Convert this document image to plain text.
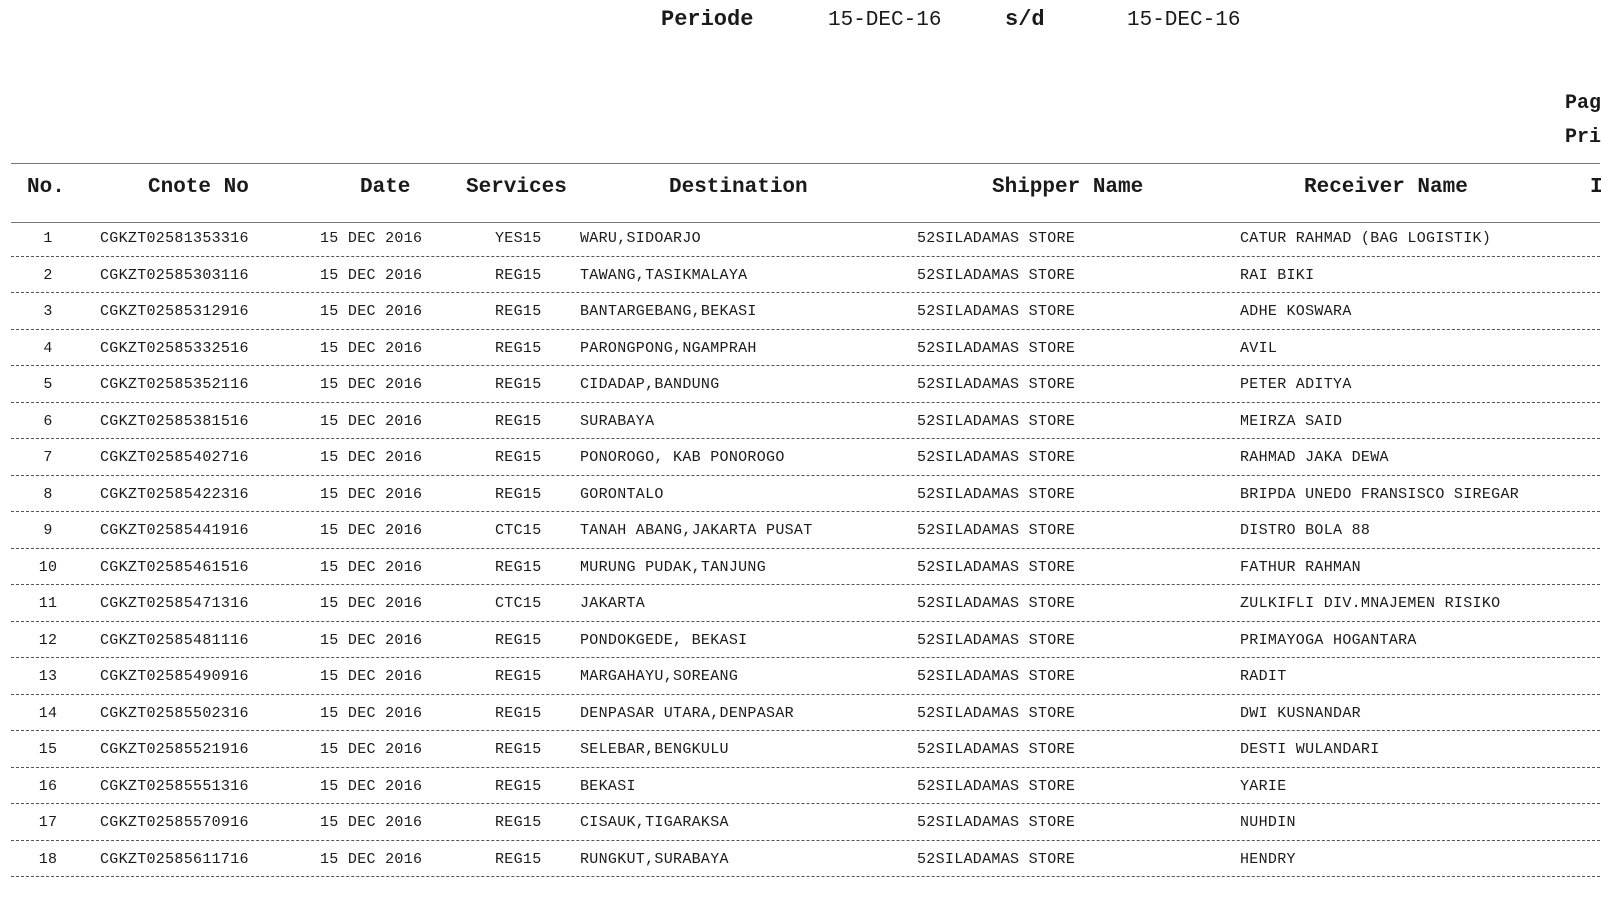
Periode	15-DEC-16	s/d	15-DEC-16
Pag
Pri
No.	Cnote No	Date	Services	Destination	Shipper Name	Receiver Name	I
1	CGKZT02581353316	15 DEC 2016	YES15	WARU,SIDOARJO	52SILADAMAS STORE	CATUR RAHMAD (BAG LOGISTIK)
2	CGKZT02585303116	15 DEC 2016	REG15	TAWANG,TASIKMALAYA	52SILADAMAS STORE	RAI BIKI
3	CGKZT02585312916	15 DEC 2016	REG15	BANTARGEBANG,BEKASI	52SILADAMAS STORE	ADHE KOSWARA
4	CGKZT02585332516	15 DEC 2016	REG15	PARONGPONG,NGAMPRAH	52SILADAMAS STORE	AVIL
5	CGKZT02585352116	15 DEC 2016	REG15	CIDADAP,BANDUNG	52SILADAMAS STORE	PETER ADITYA
6	CGKZT02585381516	15 DEC 2016	REG15	SURABAYA	52SILADAMAS STORE	MEIRZA SAID
7	CGKZT02585402716	15 DEC 2016	REG15	PONOROGO, KAB PONOROGO	52SILADAMAS STORE	RAHMAD JAKA DEWA
8	CGKZT02585422316	15 DEC 2016	REG15	GORONTALO	52SILADAMAS STORE	BRIPDA UNEDO FRANSISCO SIREGAR
9	CGKZT02585441916	15 DEC 2016	CTC15	TANAH ABANG,JAKARTA PUSAT	52SILADAMAS STORE	DISTRO BOLA 88
10	CGKZT02585461516	15 DEC 2016	REG15	MURUNG PUDAK,TANJUNG	52SILADAMAS STORE	FATHUR RAHMAN
11	CGKZT02585471316	15 DEC 2016	CTC15	JAKARTA	52SILADAMAS STORE	ZULKIFLI DIV.MNAJEMEN RISIKO
12	CGKZT02585481116	15 DEC 2016	REG15	PONDOKGEDE, BEKASI	52SILADAMAS STORE	PRIMAYOGA HOGANTARA
13	CGKZT02585490916	15 DEC 2016	REG15	MARGAHAYU,SOREANG	52SILADAMAS STORE	RADIT
14	CGKZT02585502316	15 DEC 2016	REG15	DENPASAR UTARA,DENPASAR	52SILADAMAS STORE	DWI KUSNANDAR
15	CGKZT02585521916	15 DEC 2016	REG15	SELEBAR,BENGKULU	52SILADAMAS STORE	DESTI WULANDARI
16	CGKZT02585551316	15 DEC 2016	REG15	BEKASI	52SILADAMAS STORE	YARIE
17	CGKZT02585570916	15 DEC 2016	REG15	CISAUK,TIGARAKSA	52SILADAMAS STORE	NUHDIN
18	CGKZT02585611716	15 DEC 2016	REG15	RUNGKUT,SURABAYA	52SILADAMAS STORE	HENDRY
